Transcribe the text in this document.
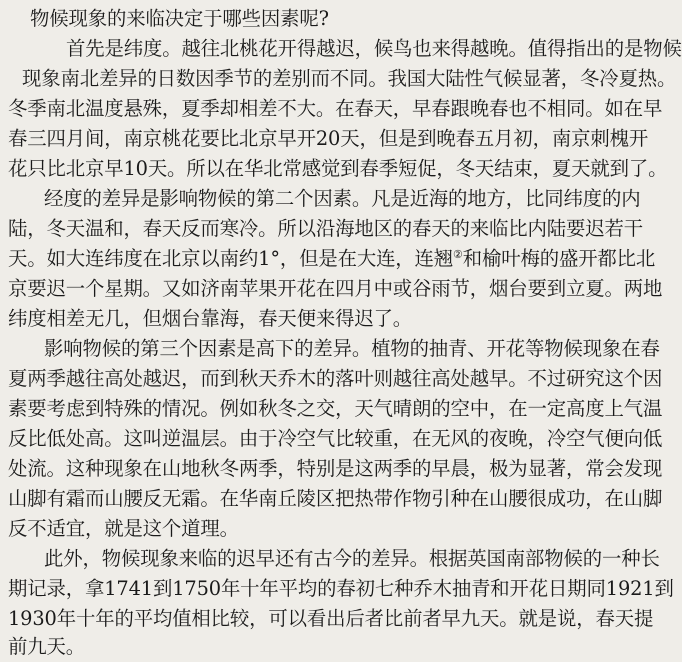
物候现象的来临决定于哪些因素呢?
首先是纬度。越往北桃花开得越迟，候鸟也来得越晚。值得指出的是物候
现象南北差异的日数因季节的差别而不同。我国大陆性气候显著，冬冷夏热。
冬季南北温度悬殊，夏季却相差不大。在春天，早春跟晚春也不相同。如在早
春三四月间，南京桃花要比北京早开20天，但是到晚春五月初，南京刺槐开
花只比北京早10天。所以在华北常感觉到春季短促，冬天结束，夏天就到了。
经度的差异是影响物候的第二个因素。凡是近海的地方，比同纬度的内
陆，冬天温和，春天反而寒冷。所以沿海地区的春天的来临比内陆要迟若干
天。如大连纬度在北京以南约1°，但是在大连，连翘②和榆叶梅的盛开都比北
京要迟一个星期。又如济南苹果开花在四月中或谷雨节，烟台要到立夏。两地
纬度相差无几，但烟台靠海，春天便来得迟了。
影响物候的第三个因素是高下的差异。植物的抽青、开花等物候现象在春
夏两季越往高处越迟，而到秋天乔木的落叶则越往高处越早。不过研究这个因
素要考虑到特殊的情况。例如秋冬之交，天气晴朗的空中，在一定高度上气温
反比低处高。这叫逆温层。由于冷空气比较重，在无风的夜晚，冷空气便向低
处流。这种现象在山地秋冬两季，特别是这两季的早晨，极为显著，常会发现
山脚有霜而山腰反无霜。在华南丘陵区把热带作物引种在山腰很成功，在山脚
反不适宜，就是这个道理。
此外，物候现象来临的迟早还有古今的差异。根据英国南部物候的一种长
期记录，拿1741到1750年十年平均的春初七种乔木抽青和开花日期同1921到
1930年十年的平均值相比较，可以看出后者比前者早九天。就是说，春天提
前九天。
